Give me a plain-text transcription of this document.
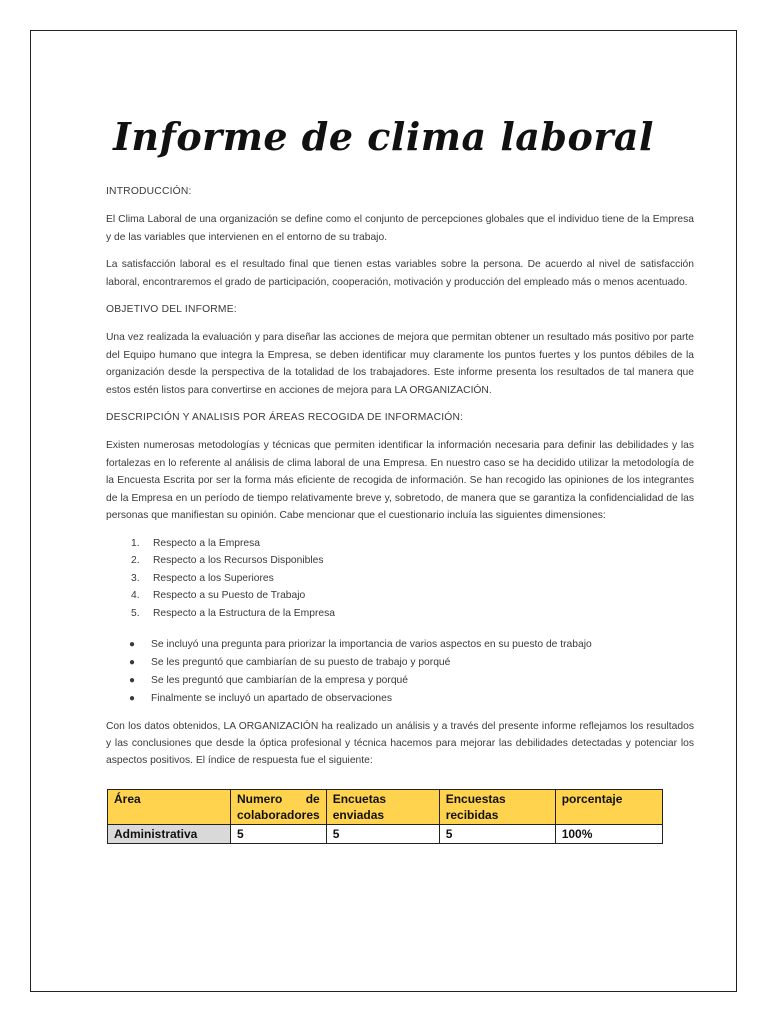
Informe de clima laboral

INTRODUCCIÓN:

El Clima Laboral de una organización se define como el conjunto de percepciones globales que el individuo tiene de la Empresa y de las variables que intervienen en el entorno de su trabajo.

La satisfacción laboral es el resultado final que tienen estas variables sobre la persona. De acuerdo al nivel de satisfacción laboral, encontraremos el grado de participación, cooperación, motivación y producción del empleado más o menos acentuado.

OBJETIVO DEL INFORME:

Una vez realizada la evaluación y para diseñar las acciones de mejora que permitan obtener un resultado más positivo por parte del Equipo humano que integra la Empresa, se deben identificar muy claramente los puntos fuertes y los puntos débiles de la organización desde la perspectiva de la totalidad de los trabajadores. Este informe presenta los resultados de tal manera que estos estén listos para convertirse en acciones de mejora para LA ORGANIZACIÓN.

DESCRIPCIÓN Y ANALISIS POR ÁREAS RECOGIDA DE INFORMACIÓN:

Existen numerosas metodologías y técnicas que permiten identificar la información necesaria para definir las debilidades y las fortalezas en lo referente al análisis de clima laboral de una Empresa. En nuestro caso se ha decidido utilizar la metodología de la Encuesta Escrita por ser la forma más eficiente de recogida de información. Se han recogido las opiniones de los integrantes de la Empresa en un período de tiempo relativamente breve y, sobretodo, de manera que se garantiza la confidencialidad de las personas que manifiestan su opinión. Cabe mencionar que el cuestionario incluía las siguientes dimensiones:

1.	Respecto a la Empresa
2.	Respecto a los Recursos Disponibles
3.	Respecto a los Superiores
4.	Respecto a su Puesto de Trabajo
5.	Respecto a la Estructura de la Empresa
●	Se incluyó una pregunta para priorizar la importancia de varios aspectos en su puesto de trabajo
●	Se les preguntó que cambiarían de su puesto de trabajo y porqué
●	Se les preguntó que cambiarían de la empresa y porqué
●	Finalmente se incluyó un apartado de observaciones

Con los datos obtenidos, LA ORGANIZACIÓN ha realizado un análisis y a través del presente informe reflejamos los resultados y las conclusiones que desde la óptica profesional y técnica hacemos para mejorar las debilidades detectadas y potenciar los aspectos positivos. El índice de respuesta fue el siguiente:

Área	Numero de colaboradores	Encuetas enviadas	Encuestas recibidas	porcentaje
Administrativa	5	5	5	100%
